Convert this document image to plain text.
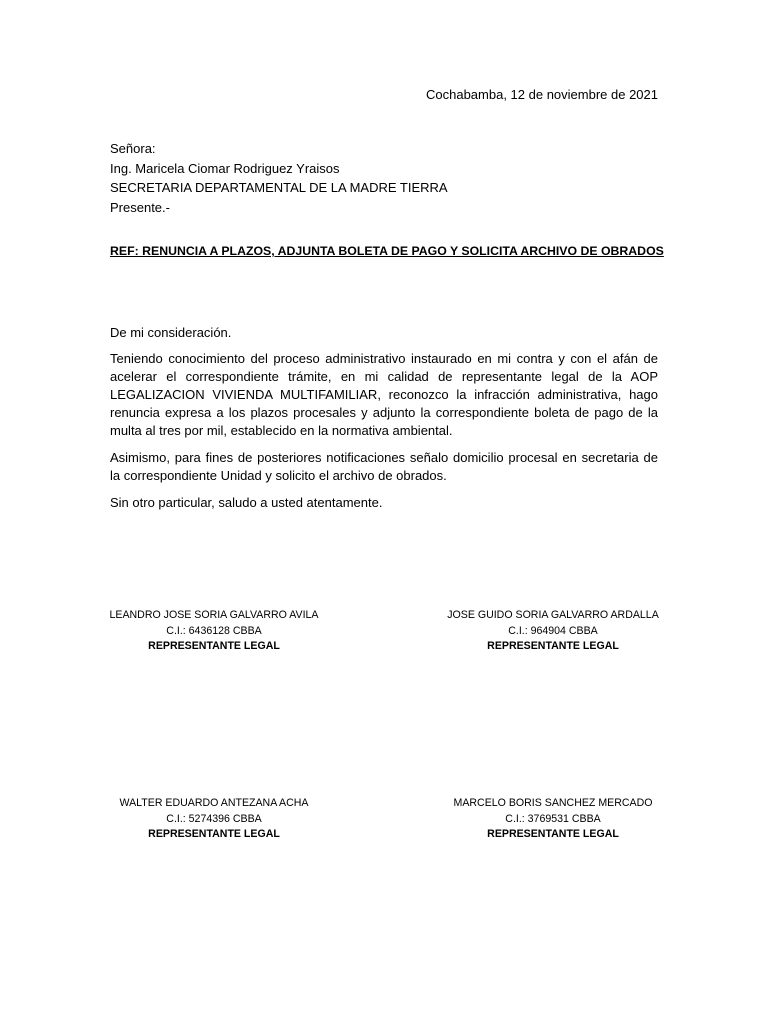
Cochabamba, 12 de noviembre de 2021
Señora:
Ing. Maricela Ciomar Rodriguez Yraisos
SECRETARIA DEPARTAMENTAL DE LA MADRE TIERRA
Presente.-
REF: RENUNCIA A PLAZOS, ADJUNTA BOLETA DE PAGO Y SOLICITA ARCHIVO DE OBRADOS
De mi consideración.

Teniendo conocimiento del proceso administrativo instaurado en mi contra y con el afán de acelerar el correspondiente trámite, en mi calidad de representante legal de la AOP LEGALIZACION VIVIENDA MULTIFAMILIAR, reconozco la infracción administrativa, hago renuncia expresa a los plazos procesales y adjunto la correspondiente boleta de pago de la multa al tres por mil, establecido en la normativa ambiental.

Asimismo, para fines de posteriores notificaciones señalo domicilio procesal en secretaria de la correspondiente Unidad y solicito el archivo de obrados.

Sin otro particular, saludo a usted atentamente.

LEANDRO JOSE SORIA GALVARRO AVILA
C.I.: 6436128 CBBA
REPRESENTANTE LEGAL
JOSE GUIDO SORIA GALVARRO ARDALLA
C.I.: 964904 CBBA
REPRESENTANTE LEGAL
WALTER EDUARDO ANTEZANA ACHA
C.I.: 5274396 CBBA
REPRESENTANTE LEGAL
MARCELO BORIS SANCHEZ MERCADO
C.I.: 3769531 CBBA
REPRESENTANTE LEGAL
